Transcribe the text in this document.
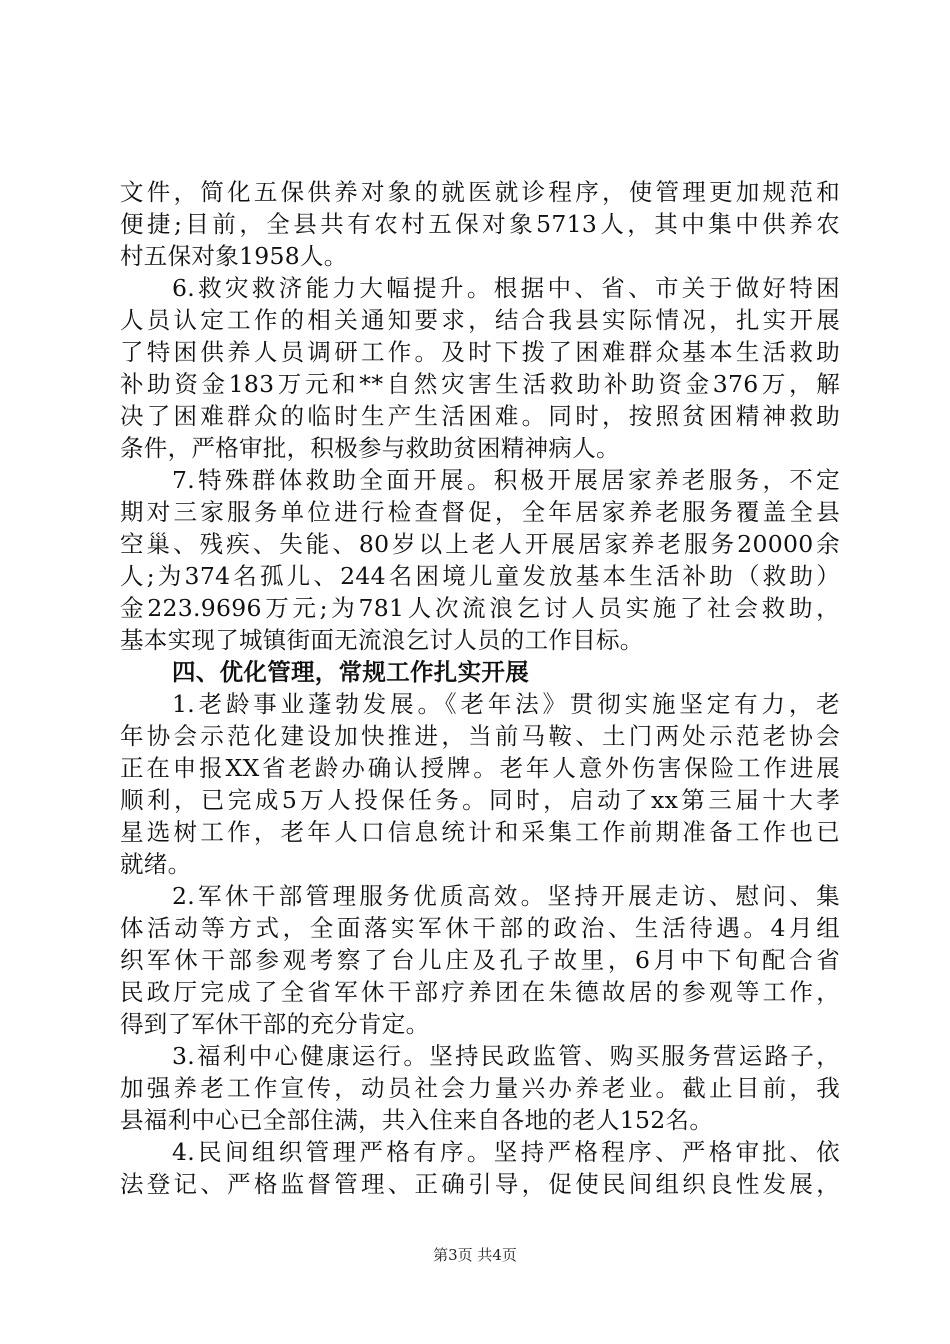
文件，简化五保供养对象的就医就诊程序，使管理更加规范和
便捷;目前，全县共有农村五保对象5713人，其中集中供养农
村五保对象1958人。
6.救灾救济能力大幅提升。根据中、省、市关于做好特困
人员认定工作的相关通知要求，结合我县实际情况，扎实开展
了特困供养人员调研工作。及时下拨了困难群众基本生活救助
补助资金183万元和**自然灾害生活救助补助资金376万，解
决了困难群众的临时生产生活困难。同时，按照贫困精神救助
条件，严格审批，积极参与救助贫困精神病人。
7.特殊群体救助全面开展。积极开展居家养老服务，不定
期对三家服务单位进行检查督促，全年居家养老服务覆盖全县
空巢、残疾、失能、80岁以上老人开展居家养老服务20000余
人;为374名孤儿、244名困境儿童发放基本生活补助（救助）
金223.9696万元;为781人次流浪乞讨人员实施了社会救助，
基本实现了城镇街面无流浪乞讨人员的工作目标。
四、优化管理，常规工作扎实开展
1.老龄事业蓬勃发展。《老年法》贯彻实施坚定有力，老
年协会示范化建设加快推进，当前马鞍、土门两处示范老协会
正在申报XX省老龄办确认授牌。老年人意外伤害保险工作进展
顺利，已完成5万人投保任务。同时，启动了xx第三届十大孝
星选树工作，老年人口信息统计和采集工作前期准备工作也已
就绪。
2.军休干部管理服务优质高效。坚持开展走访、慰问、集
体活动等方式，全面落实军休干部的政治、生活待遇。4月组
织军休干部参观考察了台儿庄及孔子故里，6月中下旬配合省
民政厅完成了全省军休干部疗养团在朱德故居的参观等工作，
得到了军休干部的充分肯定。
3.福利中心健康运行。坚持民政监管、购买服务营运路子，
加强养老工作宣传，动员社会力量兴办养老业。截止目前，我
县福利中心已全部住满，共入住来自各地的老人152名。
4.民间组织管理严格有序。坚持严格程序、严格审批、依
法登记、严格监督管理、正确引导，促使民间组织良性发展，
第3页 共4页
